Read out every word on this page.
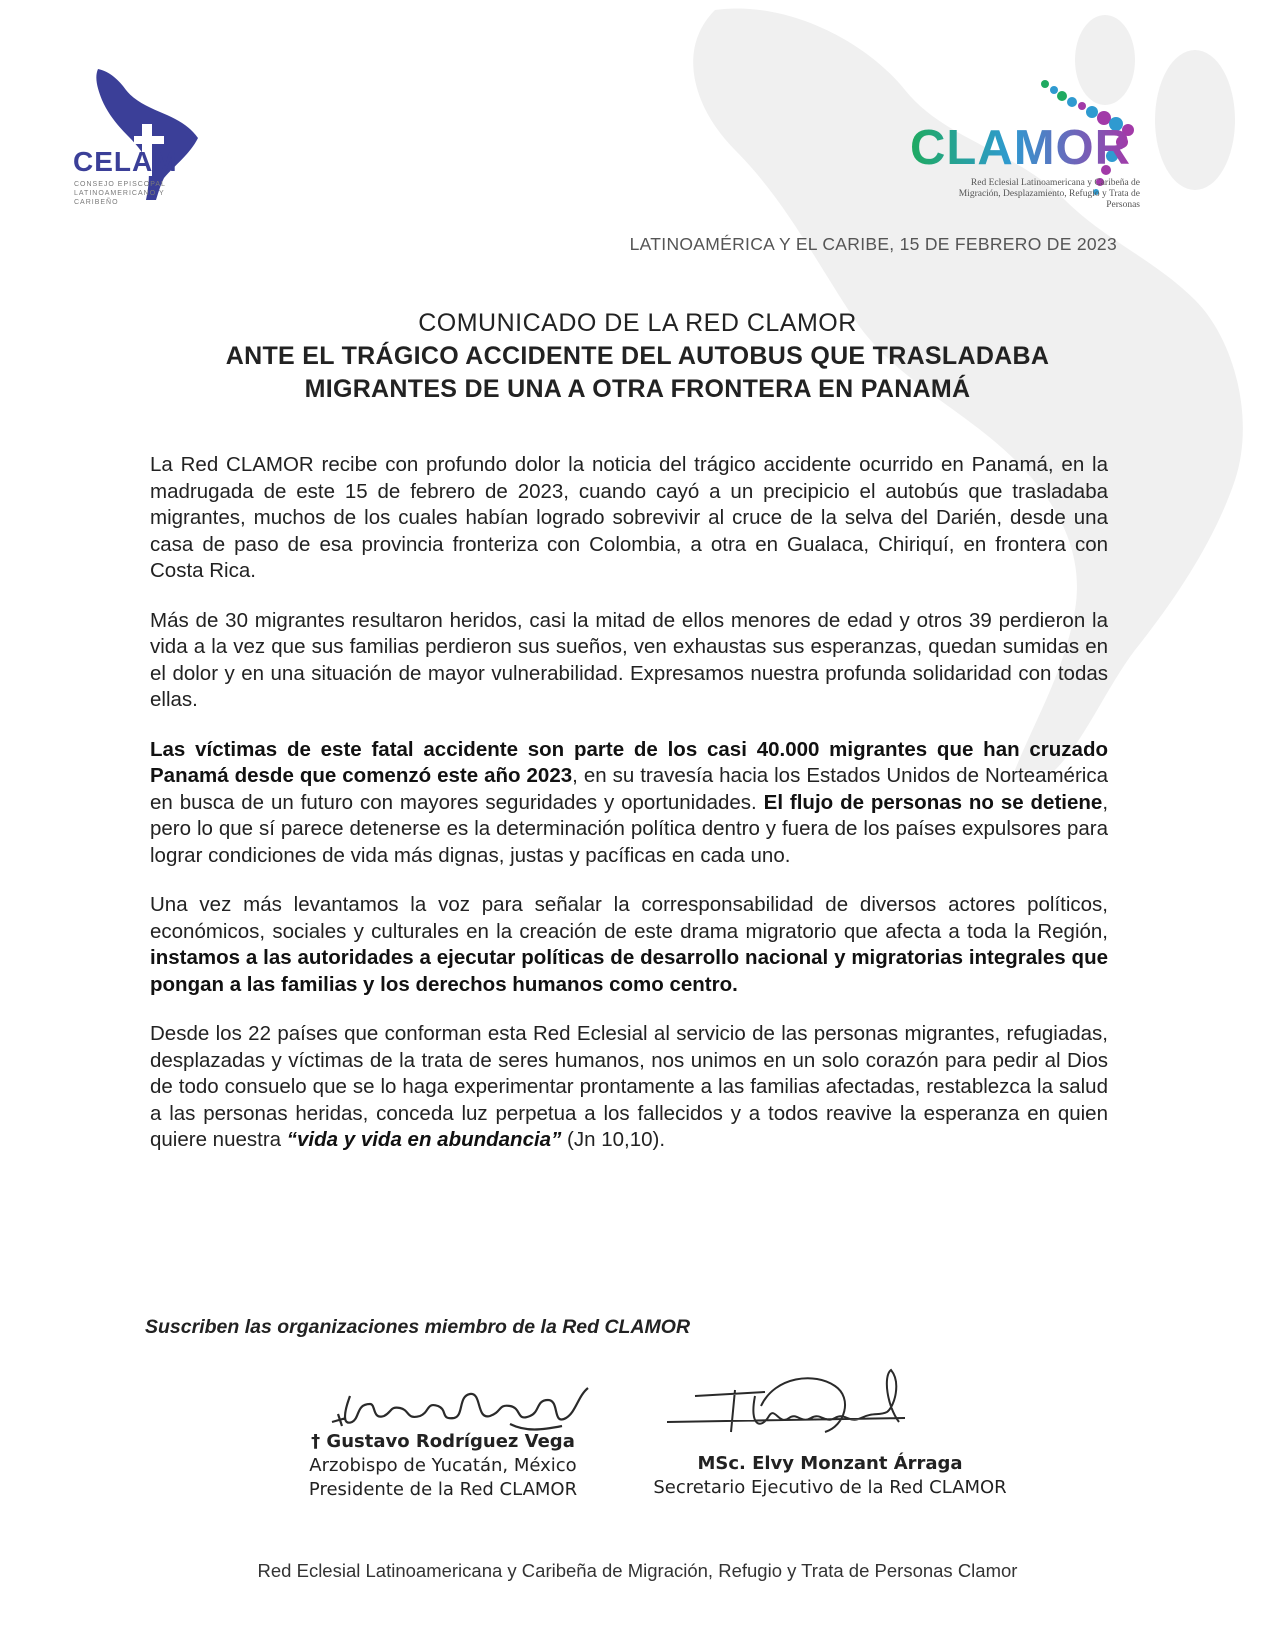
CELAM
CONSEJO EPISCOPAL LATINOAMERICANO Y CARIBEÑO
CLAMOR
Red Eclesial Latinoamericana y Caribeña de Migración, Desplazamiento, Refugio y Trata de Personas
LATINOAMÉRICA Y EL CARIBE, 15 DE FEBRERO DE 2023
COMUNICADO DE LA RED CLAMOR
ANTE EL TRÁGICO ACCIDENTE DEL AUTOBUS QUE TRASLADABA
MIGRANTES DE UNA A OTRA FRONTERA EN PANAMÁ

La Red CLAMOR recibe con profundo dolor la noticia del trágico accidente ocurrido en Panamá, en la madrugada de este 15 de febrero de 2023, cuando cayó a un precipicio el autobús que trasladaba migrantes, muchos de los cuales habían logrado sobrevivir al cruce de la selva del Darién, desde una casa de paso de esa provincia fronteriza con Colombia, a otra en Gualaca, Chiriquí, en frontera con Costa Rica.

Más de 30 migrantes resultaron heridos, casi la mitad de ellos menores de edad y otros 39 perdieron la vida a la vez que sus familias perdieron sus sueños, ven exhaustas sus esperanzas, quedan sumidas en el dolor y en una situación de mayor vulnerabilidad. Expresamos nuestra profunda solidaridad con todas ellas.

Las víctimas de este fatal accidente son parte de los casi 40.000 migrantes que han cruzado Panamá desde que comenzó este año 2023, en su travesía hacia los Estados Unidos de Norteamérica en busca de un futuro con mayores seguridades y oportunidades. El flujo de personas no se detiene, pero lo que sí parece detenerse es la determinación política dentro y fuera de los países expulsores para lograr condiciones de vida más dignas, justas y pacíficas en cada uno.

Una vez más levantamos la voz para señalar la corresponsabilidad de diversos actores políticos, económicos, sociales y culturales en la creación de este drama migratorio que afecta a toda la Región, instamos a las autoridades a ejecutar políticas de desarrollo nacional y migratorias integrales que pongan a las familias y los derechos humanos como centro.

Desde los 22 países que conforman esta Red Eclesial al servicio de las personas migrantes, refugiadas, desplazadas y víctimas de la trata de seres humanos, nos unimos en un solo corazón para pedir al Dios de todo consuelo que se lo haga experimentar prontamente a las familias afectadas, restablezca la salud a las personas heridas, conceda luz perpetua a los fallecidos y a todos reavive la esperanza en quien quiere nuestra “vida y vida en abundancia” (Jn 10,10).

Suscriben las organizaciones miembro de la Red CLAMOR
† Gustavo Rodríguez Vega
Arzobispo de Yucatán, México
Presidente de la Red CLAMOR
MSc. Elvy Monzant Árraga
Secretario Ejecutivo de la Red CLAMOR
Red Eclesial Latinoamericana y Caribeña de Migración, Refugio y Trata de Personas Clamor
